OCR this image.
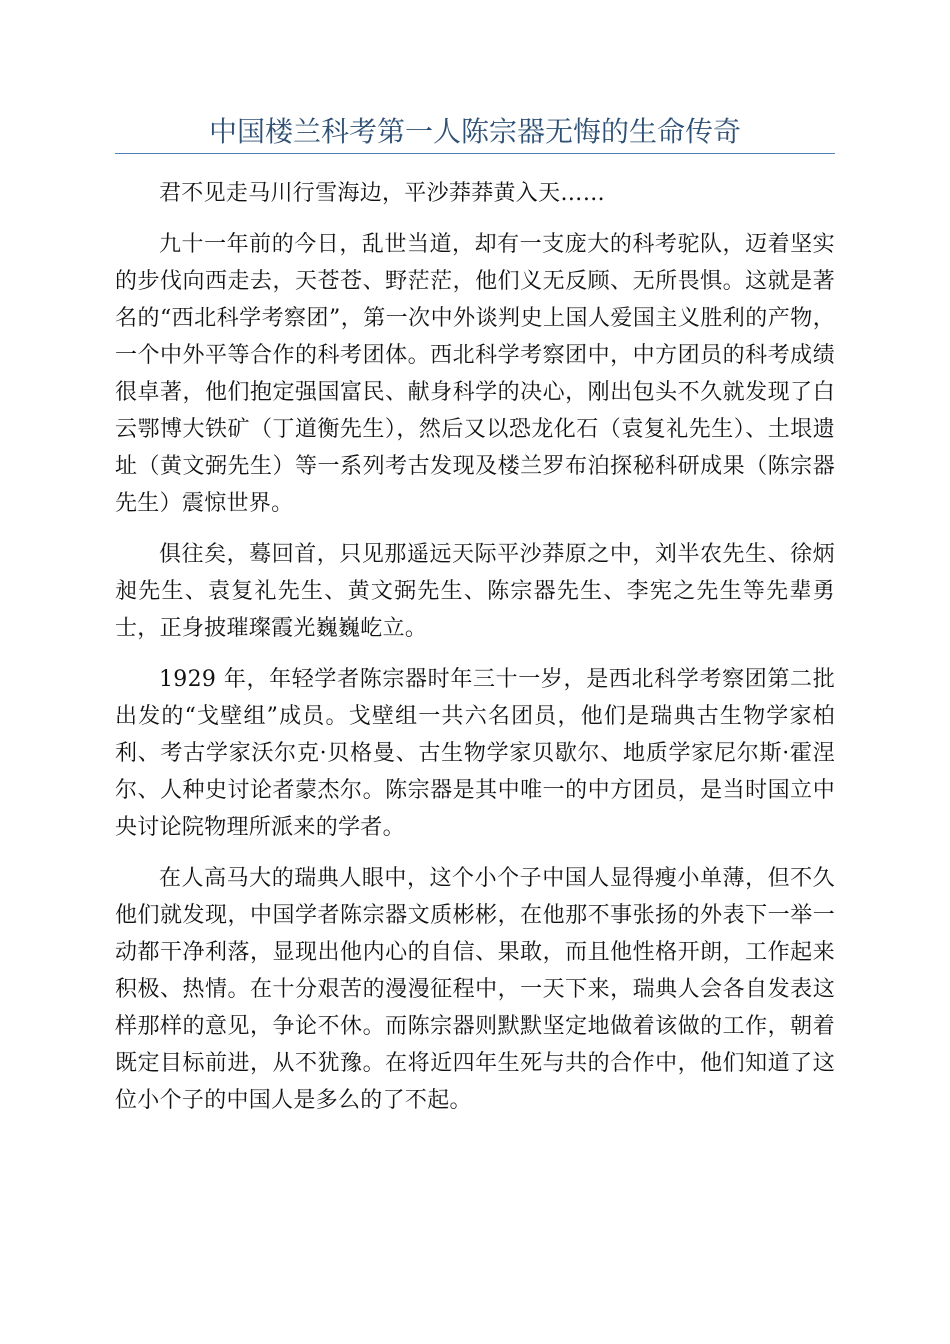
中国楼兰科考第一人陈宗器无悔的生命传奇

君不见走马川行雪海边，平沙莽莽黄入天……

九十一年前的今日，乱世当道，却有一支庞大的科考驼队，迈着坚实的步伐向西走去，天苍苍、野茫茫，他们义无反顾、无所畏惧。这就是著名的“西北科学考察团”，第一次中外谈判史上国人爱国主义胜利的产物，一个中外平等合作的科考团体。西北科学考察团中，中方团员的科考成绩很卓著，他们抱定强国富民、献身科学的决心，刚出包头不久就发现了白云鄂博大铁矿（丁道衡先生），然后又以恐龙化石（袁复礼先生）、土垠遗址（黄文弼先生）等一系列考古发现及楼兰罗布泊探秘科研成果（陈宗器先生）震惊世界。

俱往矣，蓦回首，只见那遥远天际平沙莽原之中，刘半农先生、徐炳昶先生、袁复礼先生、黄文弼先生、陈宗器先生、李宪之先生等先辈勇士，正身披璀璨霞光巍巍屹立。

1929 年，年轻学者陈宗器时年三十一岁，是西北科学考察团第二批出发的“戈壁组”成员。戈壁组一共六名团员，他们是瑞典古生物学家柏利、考古学家沃尔克·贝格曼、古生物学家贝歇尔、地质学家尼尔斯·霍涅尔、人种史讨论者蒙杰尔。陈宗器是其中唯一的中方团员，是当时国立中央讨论院物理所派来的学者。

在人高马大的瑞典人眼中，这个小个子中国人显得瘦小单薄，但不久他们就发现，中国学者陈宗器文质彬彬，在他那不事张扬的外表下一举一动都干净利落，显现出他内心的自信、果敢，而且他性格开朗，工作起来积极、热情。在十分艰苦的漫漫征程中，一天下来，瑞典人会各自发表这样那样的意见，争论不休。而陈宗器则默默坚定地做着该做的工作，朝着既定目标前进，从不犹豫。在将近四年生死与共的合作中，他们知道了这位小个子的中国人是多么的了不起。
